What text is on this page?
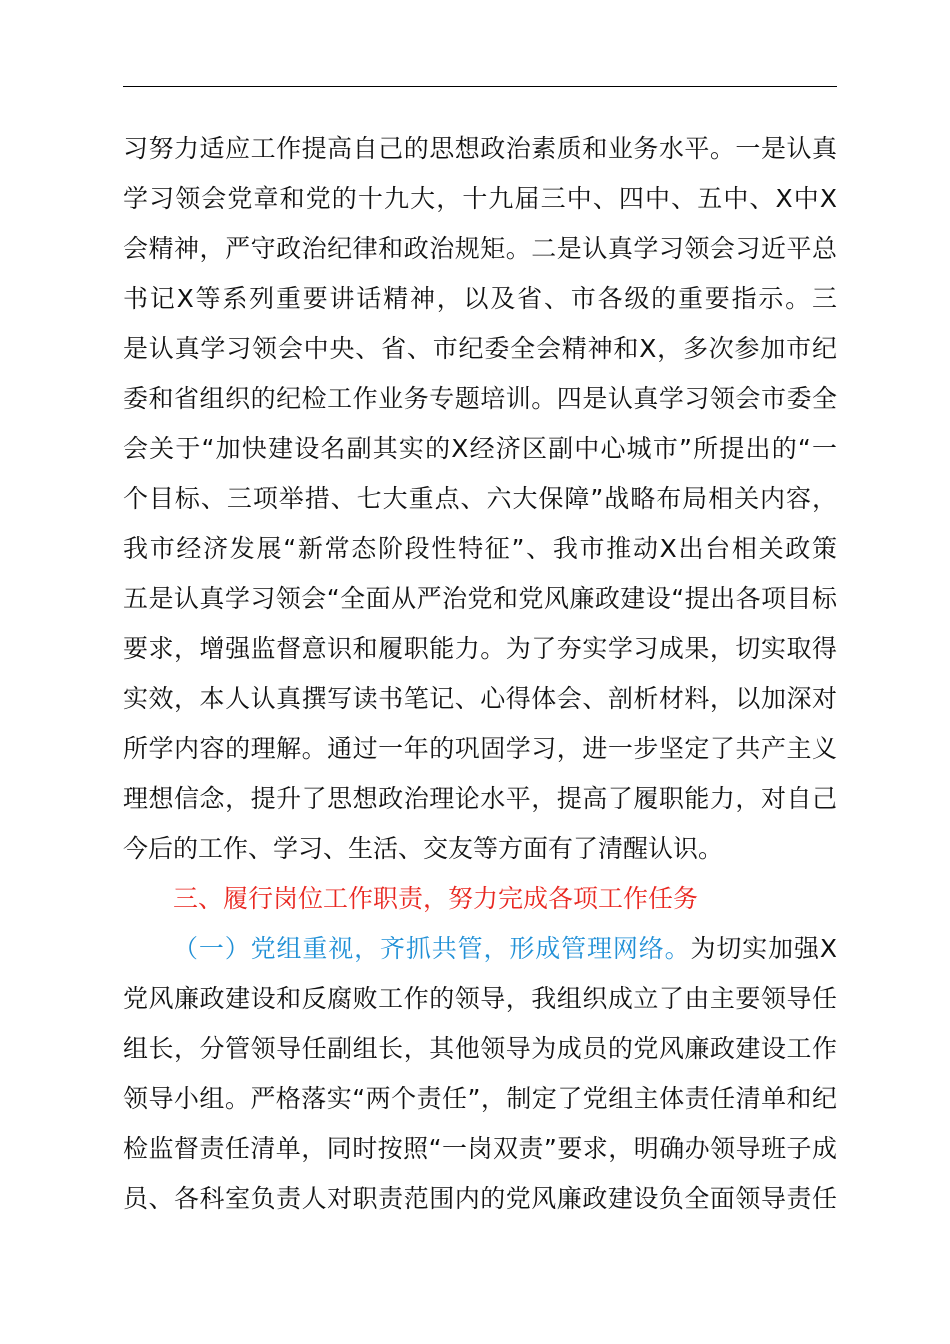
习努力适应工作提高自己的思想政治素质和业务水平。一是认真
学习领会党章和党的十九大，十九届三中、四中、五中、X中X
会精神，严守政治纪律和政治规矩。二是认真学习领会习近平总
书记X等系列重要讲话精神，以及省、市各级的重要指示。三
是认真学习领会中央、省、市纪委全会精神和X，多次参加市纪
委和省组织的纪检工作业务专题培训。四是认真学习领会市委全
会关于“加快建设名副其实的X经济区副中心城市”所提出的“一
个目标、三项举措、七大重点、六大保障”战略布局相关内容，
我市经济发展“新常态阶段性特征”、我市推动X出台相关政策
五是认真学习领会“全面从严治党和党风廉政建设“提出各项目标
要求，增强监督意识和履职能力。为了夯实学习成果，切实取得
实效，本人认真撰写读书笔记、心得体会、剖析材料，以加深对
所学内容的理解。通过一年的巩固学习，进一步坚定了共产主义
理想信念，提升了思想政治理论水平，提高了履职能力，对自己
今后的工作、学习、生活、交友等方面有了清醒认识。
三、履行岗位工作职责，努力完成各项工作任务
（一）党组重视，齐抓共管，形成管理网络。为切实加强X
党风廉政建设和反腐败工作的领导，我组织成立了由主要领导任
组长，分管领导任副组长，其他领导为成员的党风廉政建设工作
领导小组。严格落实“两个责任”，制定了党组主体责任清单和纪
检监督责任清单，同时按照“一岗双责”要求，明确办领导班子成
员、各科室负责人对职责范围内的党风廉政建设负全面领导责任
